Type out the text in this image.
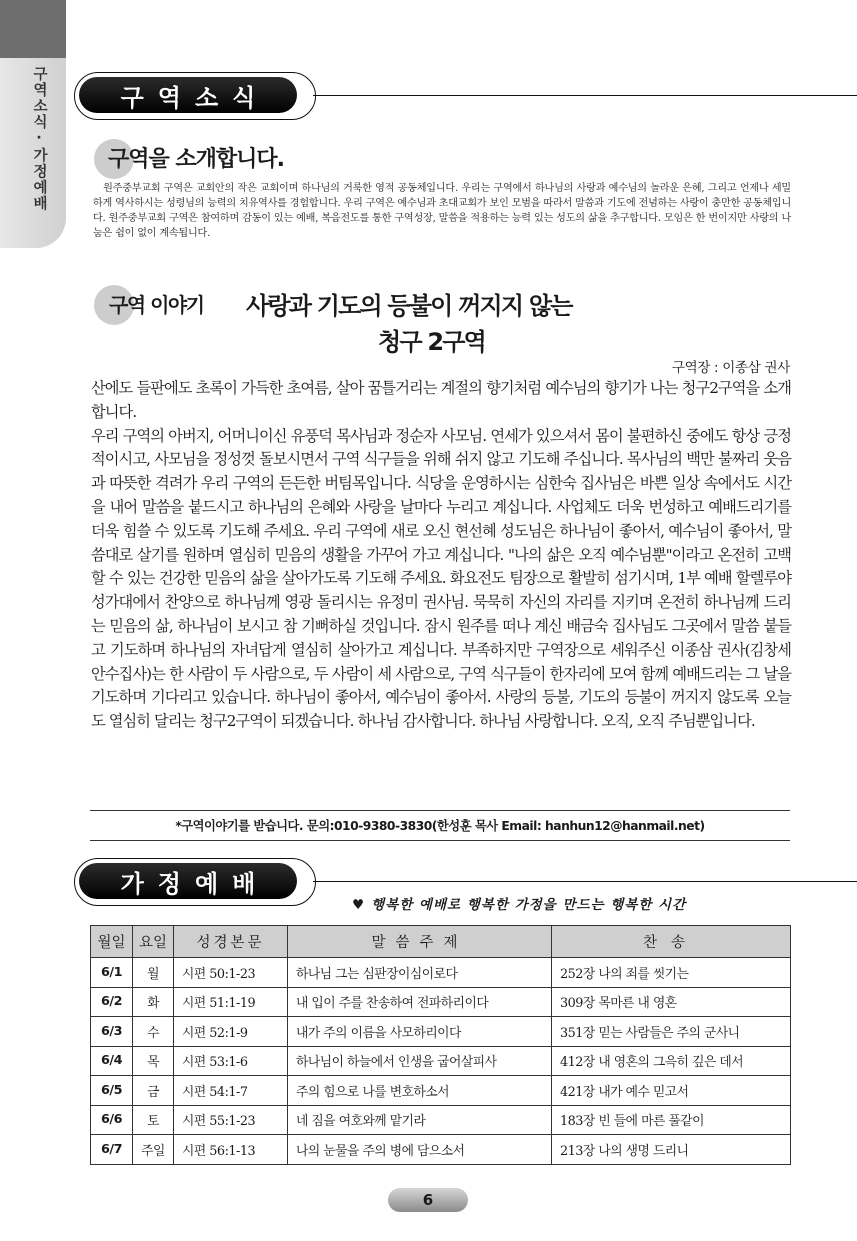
구역소식·가정예배	구역소식
구역을 소개합니다.
원주중부교회 구역은 교회안의 작은 교회이며 하나님의 거룩한 영적 공동체입니다. 우리는 구역에서 하나님의 사랑과 예수님의 놀라운 은혜, 그리고 언제나 세밀하게 역사하시는 성령님의 능력의 치유역사를 경험합니다. 우리 구역은 예수님과 초대교회가 보인 모범을 따라서 말씀과 기도에 전념하는 사랑이 충만한 공동체입니다. 원주중부교회 구역은 참여하며 감동이 있는 예배, 복음전도를 통한 구역성장, 말씀을 적용하는 능력 있는 성도의 삶을 추구합니다. 모임은 한 번이지만 사랑의 나눔은 쉼이 없이 계속됩니다.
구역 이야기 사랑과 기도의 등불이 꺼지지 않는
청구 2구역
구역장 : 이종삼 권사
산에도 들판에도 초록이 가득한 초여름, 살아 꿈틀거리는 계절의 향기처럼 예수님의 향기가 나는 청구2구역을 소개합니다.
우리 구역의 아버지, 어머니이신 유풍덕 목사님과 정순자 사모님. 연세가 있으셔서 몸이 불편하신 중에도 항상 긍정적이시고, 사모님을 정성껏 돌보시면서 구역 식구들을 위해 쉬지 않고 기도해 주십니다. 목사님의 백만 불짜리 웃음과 따뜻한 격려가 우리 구역의 든든한 버팀목입니다. 식당을 운영하시는 심한숙 집사님은 바쁜 일상 속에서도 시간을 내어 말씀을 붙드시고 하나님의 은혜와 사랑을 날마다 누리고 계십니다. 사업체도 더욱 번성하고 예배드리기를 더욱 힘쓸 수 있도록 기도해 주세요. 우리 구역에 새로 오신 현선혜 성도님은 하나님이 좋아서, 예수님이 좋아서, 말씀대로 살기를 원하며 열심히 믿음의 생활을 가꾸어 가고 계십니다. "나의 삶은 오직 예수님뿐"이라고 온전히 고백할 수 있는 건강한 믿음의 삶을 살아가도록 기도해 주세요. 화요전도 팀장으로 활발히 섬기시며, 1부 예배 할렐루야 성가대에서 찬양으로 하나님께 영광 돌리시는 유정미 권사님. 묵묵히 자신의 자리를 지키며 온전히 하나님께 드리는 믿음의 삶, 하나님이 보시고 참 기뻐하실 것입니다. 잠시 원주를 떠나 계신 배금숙 집사님도 그곳에서 말씀 붙들고 기도하며 하나님의 자녀답게 열심히 살아가고 계십니다. 부족하지만 구역장으로 세워주신 이종삼 권사(김창세 안수집사)는 한 사람이 두 사람으로, 두 사람이 세 사람으로, 구역 식구들이 한자리에 모여 함께 예배드리는 그 날을 기도하며 기다리고 있습니다. 하나님이 좋아서, 예수님이 좋아서. 사랑의 등불, 기도의 등불이 꺼지지 않도록 오늘도 열심히 달리는 청구2구역이 되겠습니다. 하나님 감사합니다. 하나님 사랑합니다. 오직, 오직 주님뿐입니다.
*구역이야기를 받습니다. 문의:010-9380-3830(한성훈 목사 Email: hanhun12@hanmail.net)
가정예배
♥ 행복한 예배로 행복한 가정을 만드는 행복한 시간
월일	요일	성경본문	말씀주제	찬송
6/1	월	시편 50:1-23	하나님 그는 심판장이심이로다	252장 나의 죄를 씻기는
6/2	화	시편 51:1-19	내 입이 주를 찬송하여 전파하리이다	309장 목마른 내 영혼
6/3	수	시편 52:1-9	내가 주의 이름을 사모하리이다	351장 믿는 사람들은 주의 군사니
6/4	목	시편 53:1-6	하나님이 하늘에서 인생을 굽어살피사	412장 내 영혼의 그윽히 깊은 데서
6/5	금	시편 54:1-7	주의 힘으로 나를 변호하소서	421장 내가 예수 믿고서
6/6	토	시편 55:1-23	네 짐을 여호와께 맡기라	183장 빈 들에 마른 풀같이
6/7	주일	시편 56:1-13	나의 눈물을 주의 병에 담으소서	213장 나의 생명 드리니
6
